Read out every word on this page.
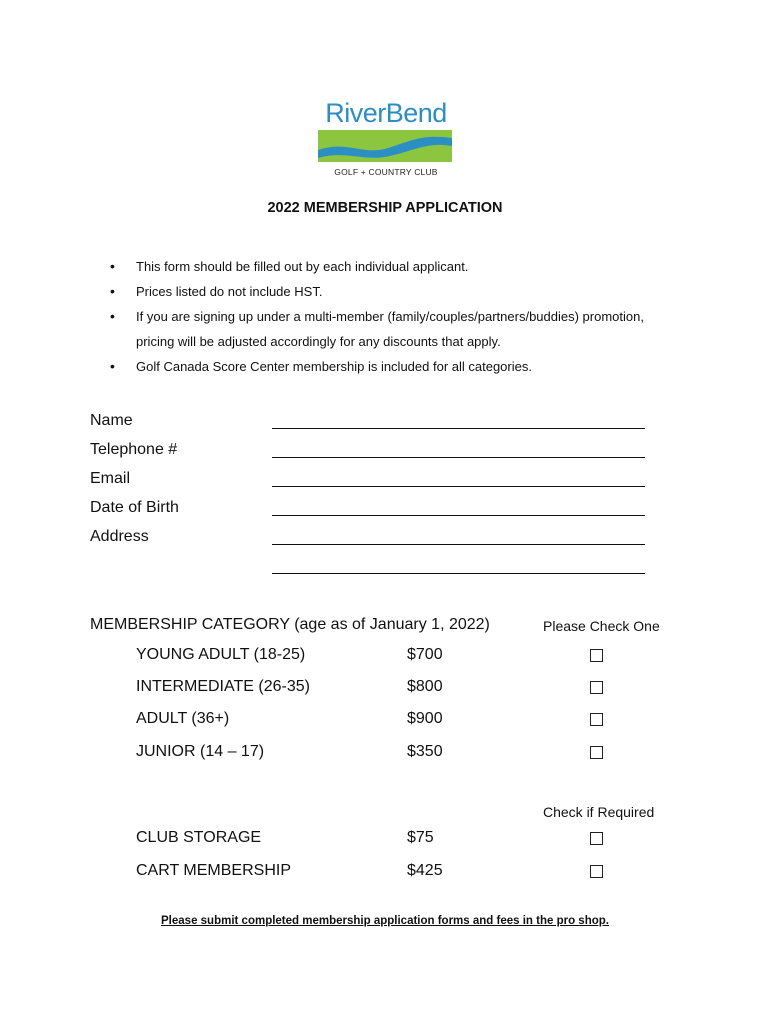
RiverBend
GOLF + COUNTRY CLUB
2022 MEMBERSHIP APPLICATION
• This form should be filled out by each individual applicant.
• Prices listed do not include HST.
• If you are signing up under a multi-member (family/couples/partners/buddies) promotion,
pricing will be adjusted accordingly for any discounts that apply.
• Golf Canada Score Center membership is included for all categories.
Name
Telephone #
Email
Date of Birth
Address
MEMBERSHIP CATEGORY (age as of January 1, 2022)	Please Check One
YOUNG ADULT (18-25)	$700
INTERMEDIATE (26-35)	$800
ADULT (36+)	$900
JUNIOR (14 – 17)	$350
Check if Required
CLUB STORAGE	$75
CART MEMBERSHIP	$425
Please submit completed membership application forms and fees in the pro shop.
